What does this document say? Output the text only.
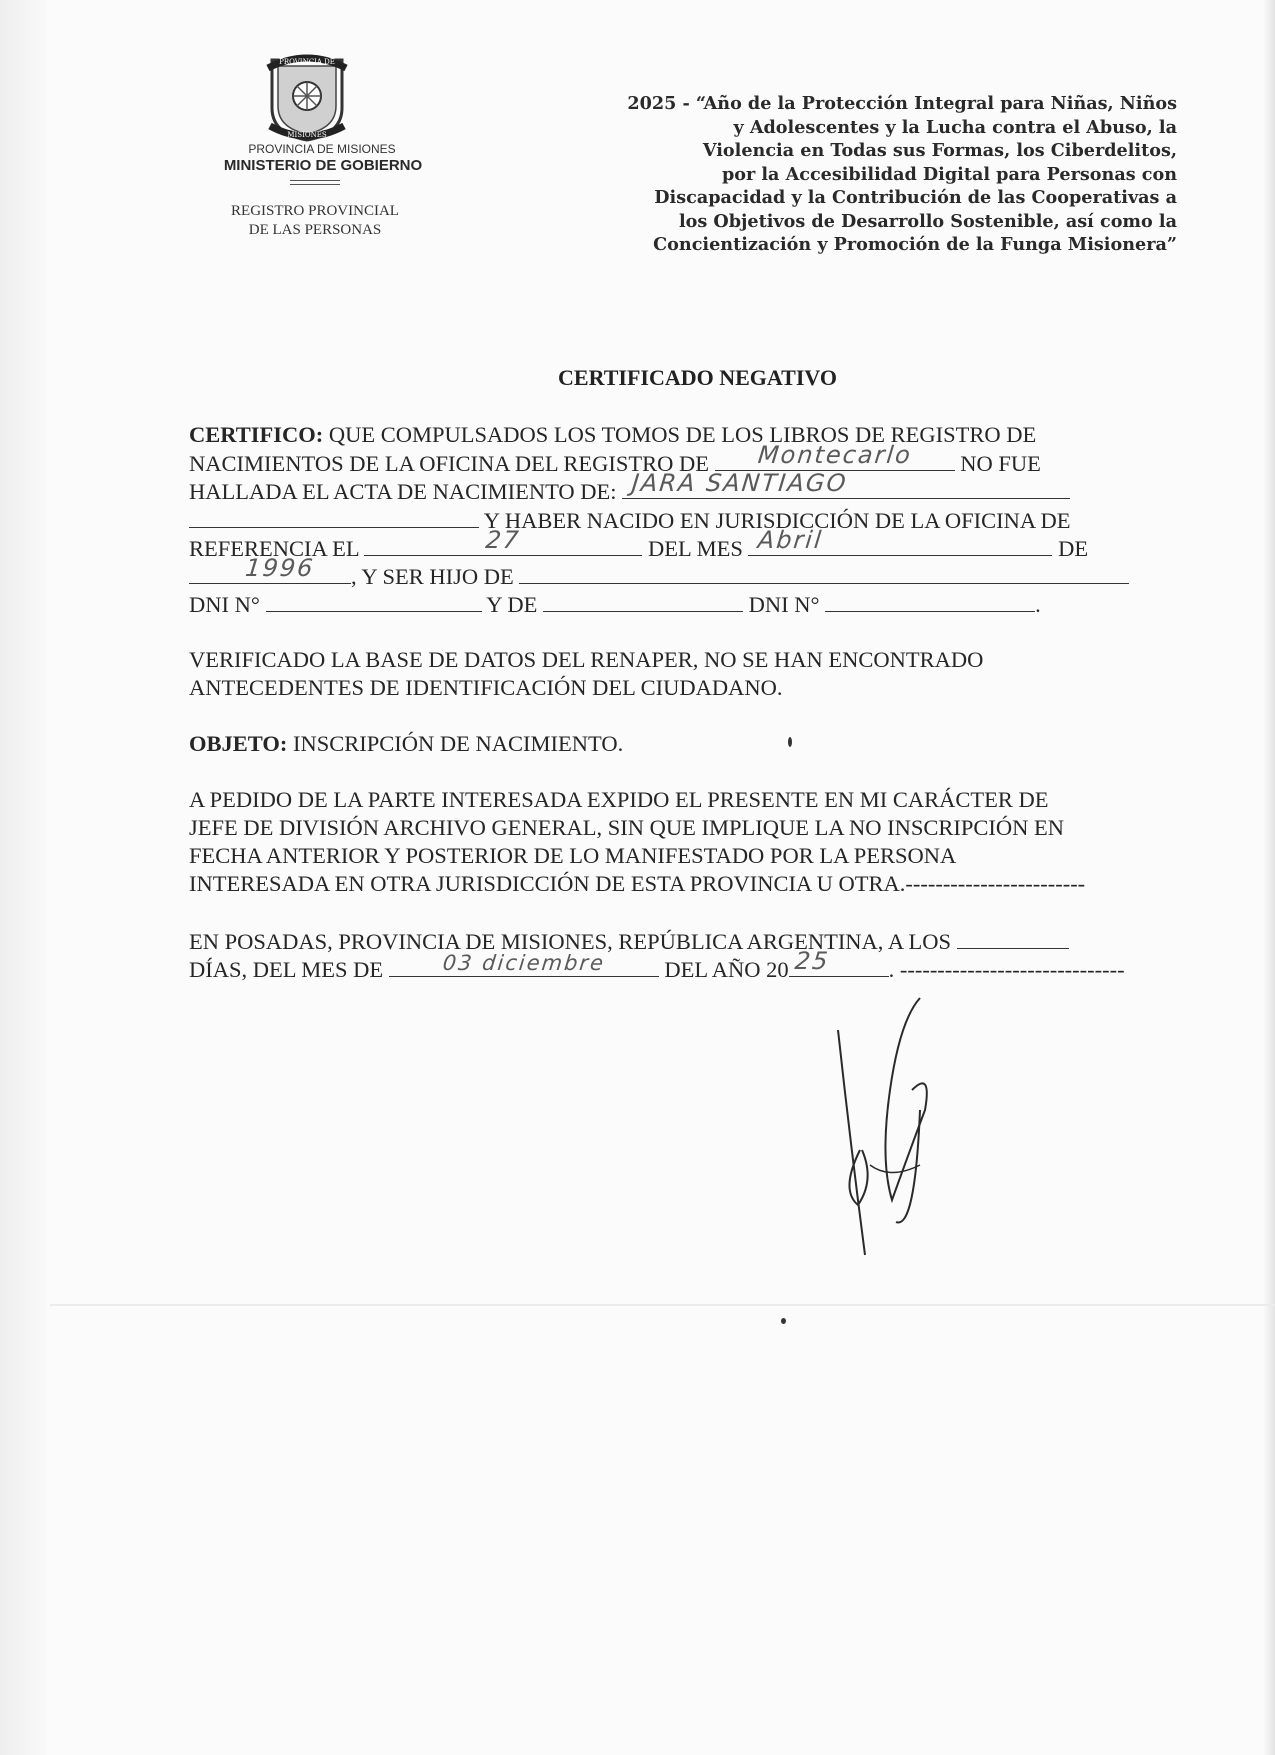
PROVINCIA DE
MISIONES
PROVINCIA DE MISIONES
MINISTERIO DE GOBIERNO
REGISTRO PROVINCIAL
DE LAS PERSONAS
2025 - “Año de la Protección Integral para Niñas, Niños
y Adolescentes y la Lucha contra el Abuso, la
Violencia en Todas sus Formas, los Ciberdelitos,
por la Accesibilidad Digital para Personas con
Discapacidad y la Contribución de las Cooperativas a
los Objetivos de Desarrollo Sostenible, así como la
Concientización y Promoción de la Funga Misionera”
CERTIFICADO NEGATIVO
CERTIFICO: QUE COMPULSADOS LOS TOMOS DE LOS LIBROS DE REGISTRO DE
NACIMIENTOS DE LA OFICINA DEL REGISTRO DE	Montecarlo	NO FUE
HALLADA EL ACTA DE NACIMIENTO DE: JARA SANTIAGO
Y HABER NACIDO EN JURISDICCIÓN DE LA OFICINA DE
REFERENCIA EL	27	DEL MES Abril	DE
1996	, Y SER HIJO DE
DNI N°	Y DE	DNI N°	.
VERIFICADO LA BASE DE DATOS DEL RENAPER, NO SE HAN ENCONTRADO
ANTECEDENTES DE IDENTIFICACIÓN DEL CIUDADANO.
OBJETO: INSCRIPCIÓN DE NACIMIENTO.
A PEDIDO DE LA PARTE INTERESADA EXPIDO EL PRESENTE EN MI CARÁCTER DE
JEFE DE DIVISIÓN ARCHIVO GENERAL, SIN QUE IMPLIQUE LA NO INSCRIPCIÓN EN
FECHA ANTERIOR Y POSTERIOR DE LO MANIFESTADO POR LA PERSONA
INTERESADA EN OTRA JURISDICCIÓN DE ESTA PROVINCIA U OTRA.------------------------
EN POSADAS, PROVINCIA DE MISIONES, REPÚBLICA ARGENTINA, A LOS
DÍAS, DEL MES DE	03 diciembre	DEL AÑO 20 25	. ------------------------------
